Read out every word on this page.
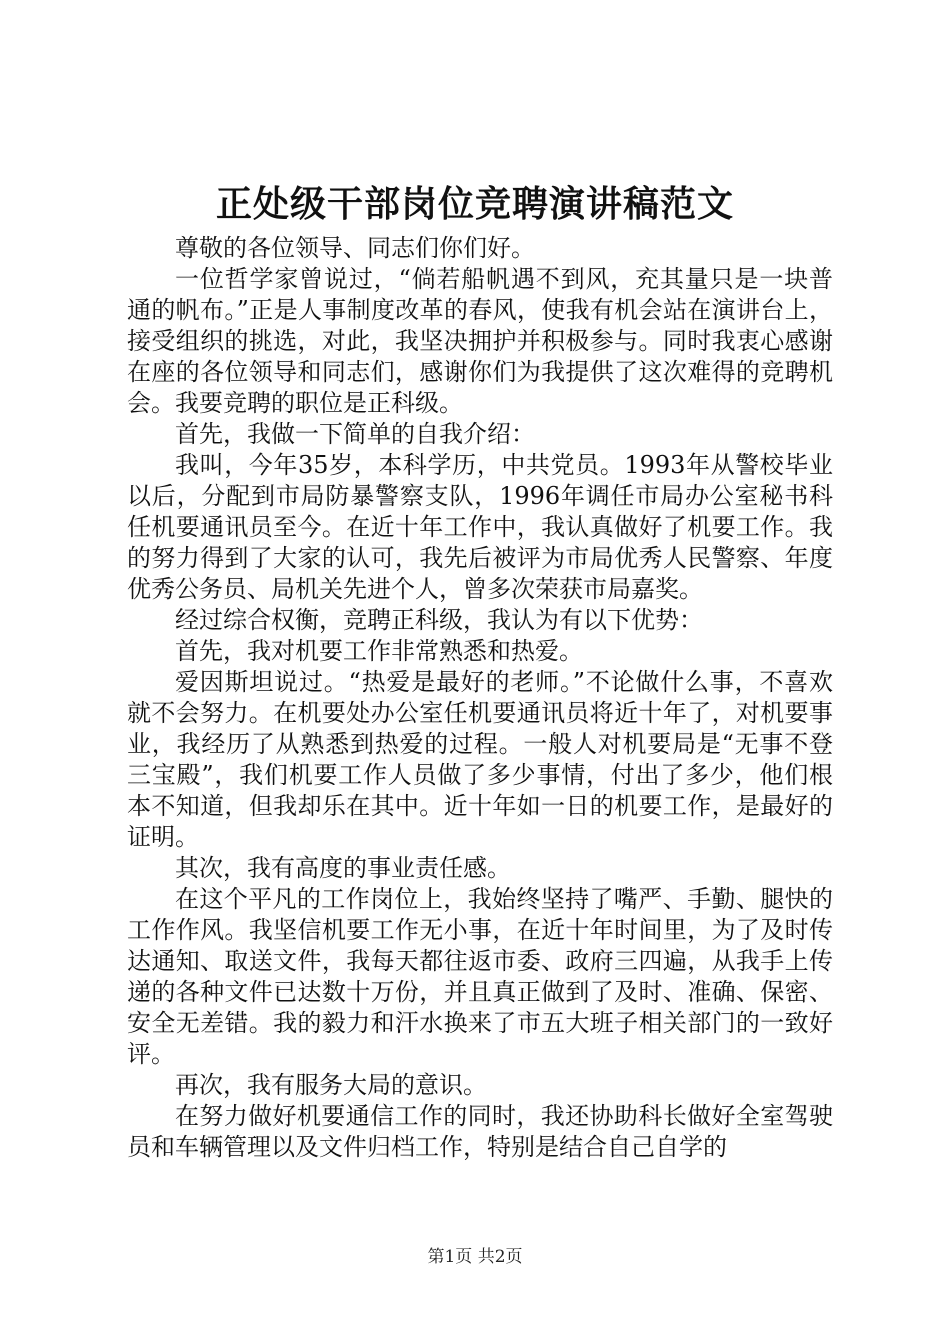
正处级干部岗位竞聘演讲稿范文

尊敬的各位领导、同志们你们好。

一位哲学家曾说过，“倘若船帆遇不到风，充其量只是一块普通的帆布。”正是人事制度改革的春风，使我有机会站在演讲台上，接受组织的挑选，对此，我坚决拥护并积极参与。同时我衷心感谢在座的各位领导和同志们，感谢你们为我提供了这次难得的竞聘机会。我要竞聘的职位是正科级。

首先，我做一下简单的自我介绍：

我叫，今年35岁，本科学历，中共党员。1993年从警校毕业以后，分配到市局防暴警察支队，1996年调任市局办公室秘书科任机要通讯员至今。在近十年工作中，我认真做好了机要工作。我的努力得到了大家的认可，我先后被评为市局优秀人民警察、年度优秀公务员、局机关先进个人，曾多次荣获市局嘉奖。

经过综合权衡，竞聘正科级，我认为有以下优势：

首先，我对机要工作非常熟悉和热爱。

爱因斯坦说过。“热爱是最好的老师。”不论做什么事，不喜欢就不会努力。在机要处办公室任机要通讯员将近十年了，对机要事业，我经历了从熟悉到热爱的过程。一般人对机要局是“无事不登三宝殿”，我们机要工作人员做了多少事情，付出了多少，他们根本不知道，但我却乐在其中。近十年如一日的机要工作，是最好的证明。

其次，我有高度的事业责任感。

在这个平凡的工作岗位上，我始终坚持了嘴严、手勤、腿快的工作作风。我坚信机要工作无小事，在近十年时间里，为了及时传达通知、取送文件，我每天都往返市委、政府三四遍，从我手上传递的各种文件已达数十万份，并且真正做到了及时、准确、保密、安全无差错。我的毅力和汗水换来了市五大班子相关部门的一致好评。

再次，我有服务大局的意识。

在努力做好机要通信工作的同时，我还协助科长做好全室驾驶员和车辆管理以及文件归档工作，特别是结合自己自学的

第1页 共2页
